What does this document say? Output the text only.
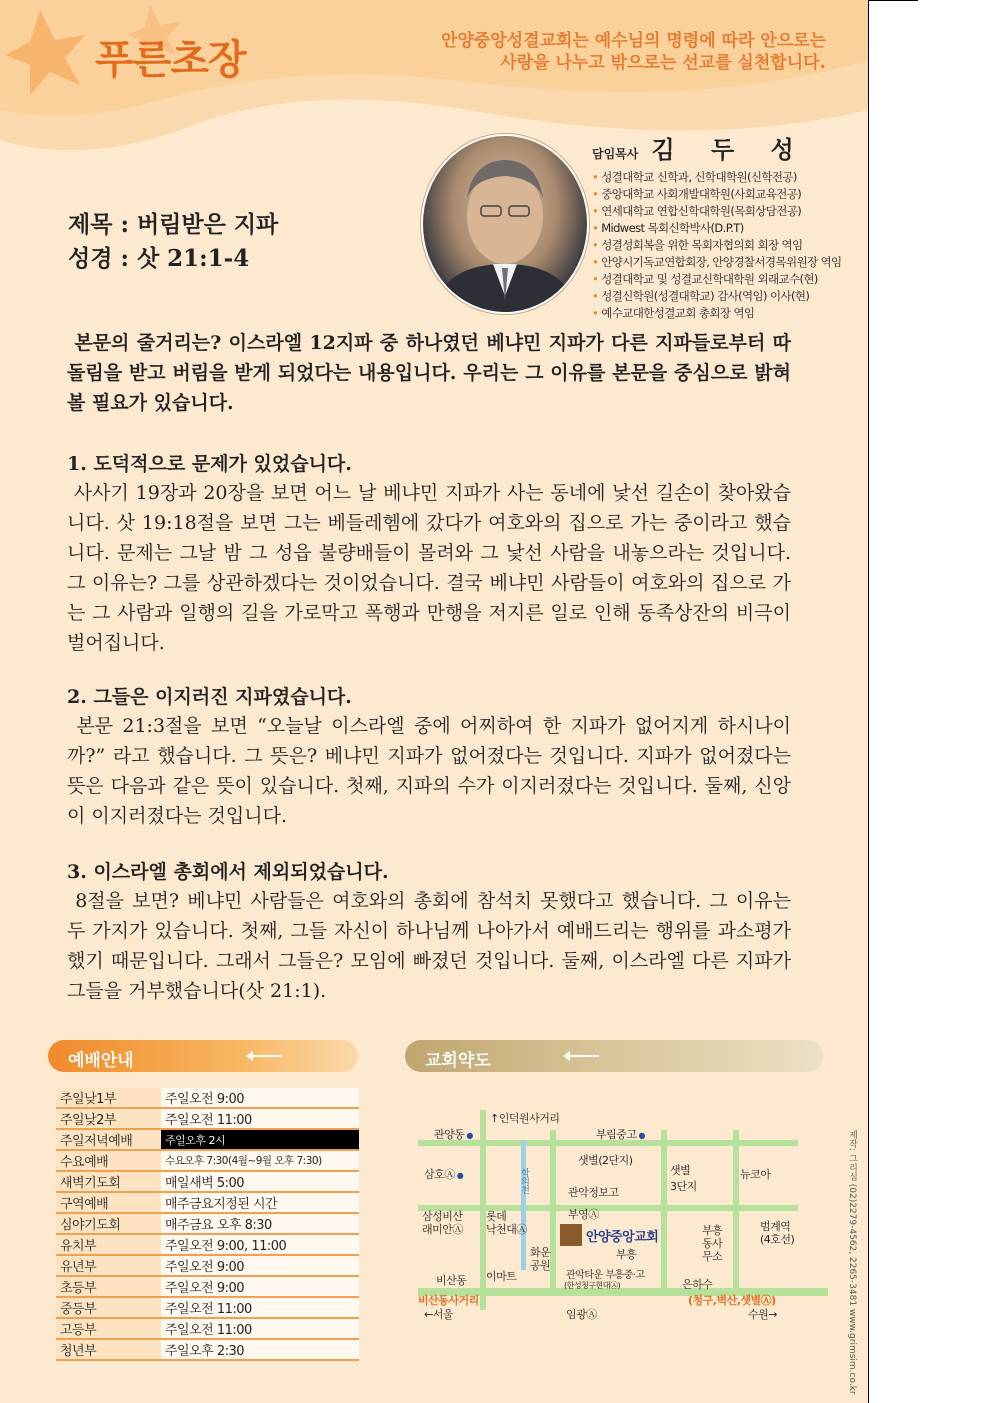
푸른초장	안양중앙성결교회는 예수님의 명령에 따라 안으로는
사랑을 나누고 밖으로는 선교를 실천합니다.
담임목사 김 두 성
• 성결대학교 신학과, 신학대학원(신학전공)
• 중앙대학교 사회개발대학원(사회교육전공)
• 연세대학교 연합신학대학원(목회상담전공)
• Midwest 목회신학박사(D.P.T)
• 성결성회복을 위한 목회자협의회 회장 역임
• 안양시기독교연합회장, 안양경찰서경목위원장 역임
• 성결대학교 및 성결교신학대학원 외래교수(현)
• 성결신학원(성결대학교) 감사(역임) 이사(현)
• 예수교대한성결교회 총회장 역임
제목 : 버림받은 지파
성경 : 삿 21:1-4
본문의 줄거리는? 이스라엘 12지파 중 하나였던 베냐민 지파가 다른 지파들로부터 따돌림을 받고 버림을 받게 되었다는 내용입니다. 우리는 그 이유를 본문을 중심으로 밝혀 볼 필요가 있습니다.
1. 도덕적으로 문제가 있었습니다.

사사기 19장과 20장을 보면 어느 날 베냐민 지파가 사는 동네에 낯선 길손이 찾아왔습니다. 삿 19:18절을 보면 그는 베들레헴에 갔다가 여호와의 집으로 가는 중이라고 했습니다. 문제는 그날 밤 그 성읍 불량배들이 몰려와 그 낯선 사람을 내놓으라는 것입니다. 그 이유는? 그를 상관하겠다는 것이었습니다. 결국 베냐민 사람들이 여호와의 집으로 가는 그 사람과 일행의 길을 가로막고 폭행과 만행을 저지른 일로 인해 동족상잔의 비극이 벌어집니다.

2. 그들은 이지러진 지파였습니다.

본문 21:3절을 보면 “오늘날 이스라엘 중에 어찌하여 한 지파가 없어지게 하시나이까?” 라고 했습니다. 그 뜻은? 베냐민 지파가 없어졌다는 것입니다. 지파가 없어졌다는 뜻은 다음과 같은 뜻이 있습니다. 첫째, 지파의 수가 이지러졌다는 것입니다. 둘째, 신앙이 이지러졌다는 것입니다.

3. 이스라엘 총회에서 제외되었습니다.

8절을 보면? 베냐민 사람들은 여호와의 총회에 참석치 못했다고 했습니다. 그 이유는 두 가지가 있습니다. 첫째, 그들 자신이 하나님께 나아가서 예배드리는 행위를 과소평가했기 때문입니다. 그래서 그들은? 모임에 빠졌던 것입니다. 둘째, 이스라엘 다른 지파가 그들을 거부했습니다(삿 21:1).

예배안내	교회약도
주일낮1부	주일오전 9:00
주일낮2부	주일오전 11:00
주일저녁예배	주일오후 2시
수요예배	수요오후 7:30(4월~9월 오후 7:30)
새벽기도회	매일새벽 5:00
구역예배	매주금요지정된 시간
심야기도회	매주금요 오후 8:30
유치부	주일오전 9:00, 11:00
유년부	주일오전 9:00
초등부	주일오전 9:00
중등부	주일오전 11:00
고등부	주일오전 11:00
청년부	주일오후 2:30
↑인덕원사거리
관양동 ●	부림중고 ●
샛별(2단지)
샛별
3단지
뉴코아
삼호Ⓐ ●	학의천	관악정보고
부영Ⓐ
삼성비산
래미안Ⓐ
롯데
낙천대Ⓐ
안양중앙교회
부흥
부흥
동사
무소
범계역
(4호선)
화운
공원
비산동 이마트	관악타운 부흥중·고
(한성청구현대Ⓐ)	은하수
비산동사거리
←서울
(청구,벽산,샛별Ⓐ)
수원→
임광Ⓐ	제작: 그리심 (02)2279-4562, 2265-3481 www.grimsim.co.kr
